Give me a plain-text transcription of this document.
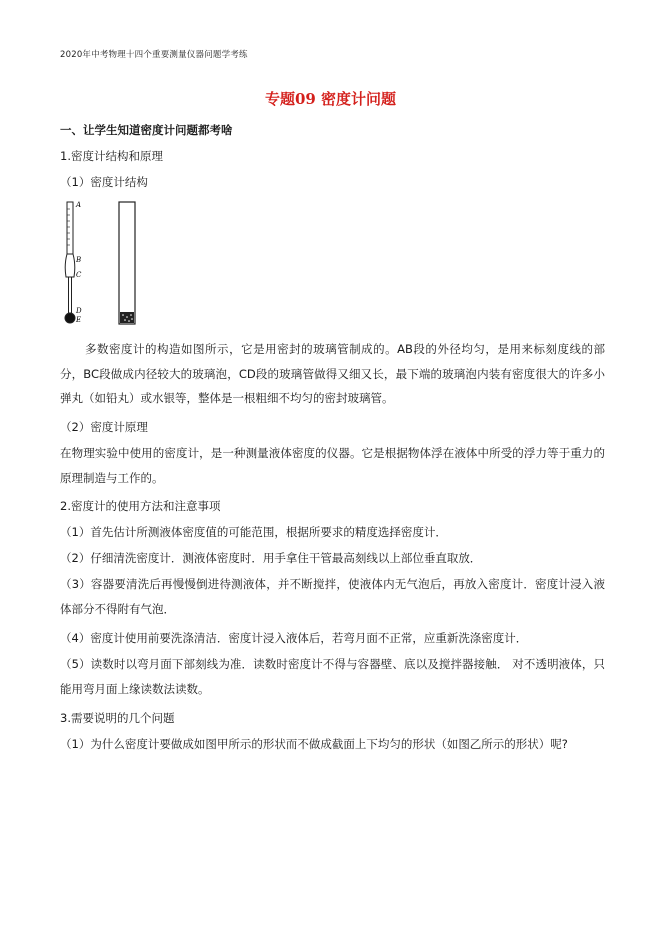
2020年中考物理十四个重要测量仪器问题学考练
专题09 密度计问题
一、让学生知道密度计问题都考啥
1.密度计结构和原理
（1）密度计结构
A
B
C
D
E
多数密度计的构造如图所示，它是用密封的玻璃管制成的。AB段的外径均匀，是用来标刻度线的部分，BC段做成内径较大的玻璃泡，CD段的玻璃管做得又细又长，最下端的玻璃泡内装有密度很大的许多小弹丸（如铅丸）或水银等，整体是一根粗细不均匀的密封玻璃管。
（2）密度计原理
在物理实验中使用的密度计，是一种测量液体密度的仪器。它是根据物体浮在液体中所受的浮力等于重力的原理制造与工作的。
2.密度计的使用方法和注意事项
（1）首先估计所测液体密度值的可能范围，根据所要求的精度选择密度计．
（2）仔细清洗密度计．测液体密度时．用手拿住干管最高刻线以上部位垂直取放．
（3）容器要清洗后再慢慢倒进待测液体，并不断搅拌，使液体内无气泡后，再放入密度计．密度计浸入液体部分不得附有气泡．
（4）密度计使用前要洗涤清洁．密度计浸入液体后，若弯月面不正常，应重新洗涤密度计．
（5）读数时以弯月面下部刻线为准．读数时密度计不得与容器壁、底以及搅拌器接触． 对不透明液体，只能用弯月面上缘读数法读数。
3.需要说明的几个问题
（1）为什么密度计要做成如图甲所示的形状而不做成截面上下均匀的形状（如图乙所示的形状）呢?
